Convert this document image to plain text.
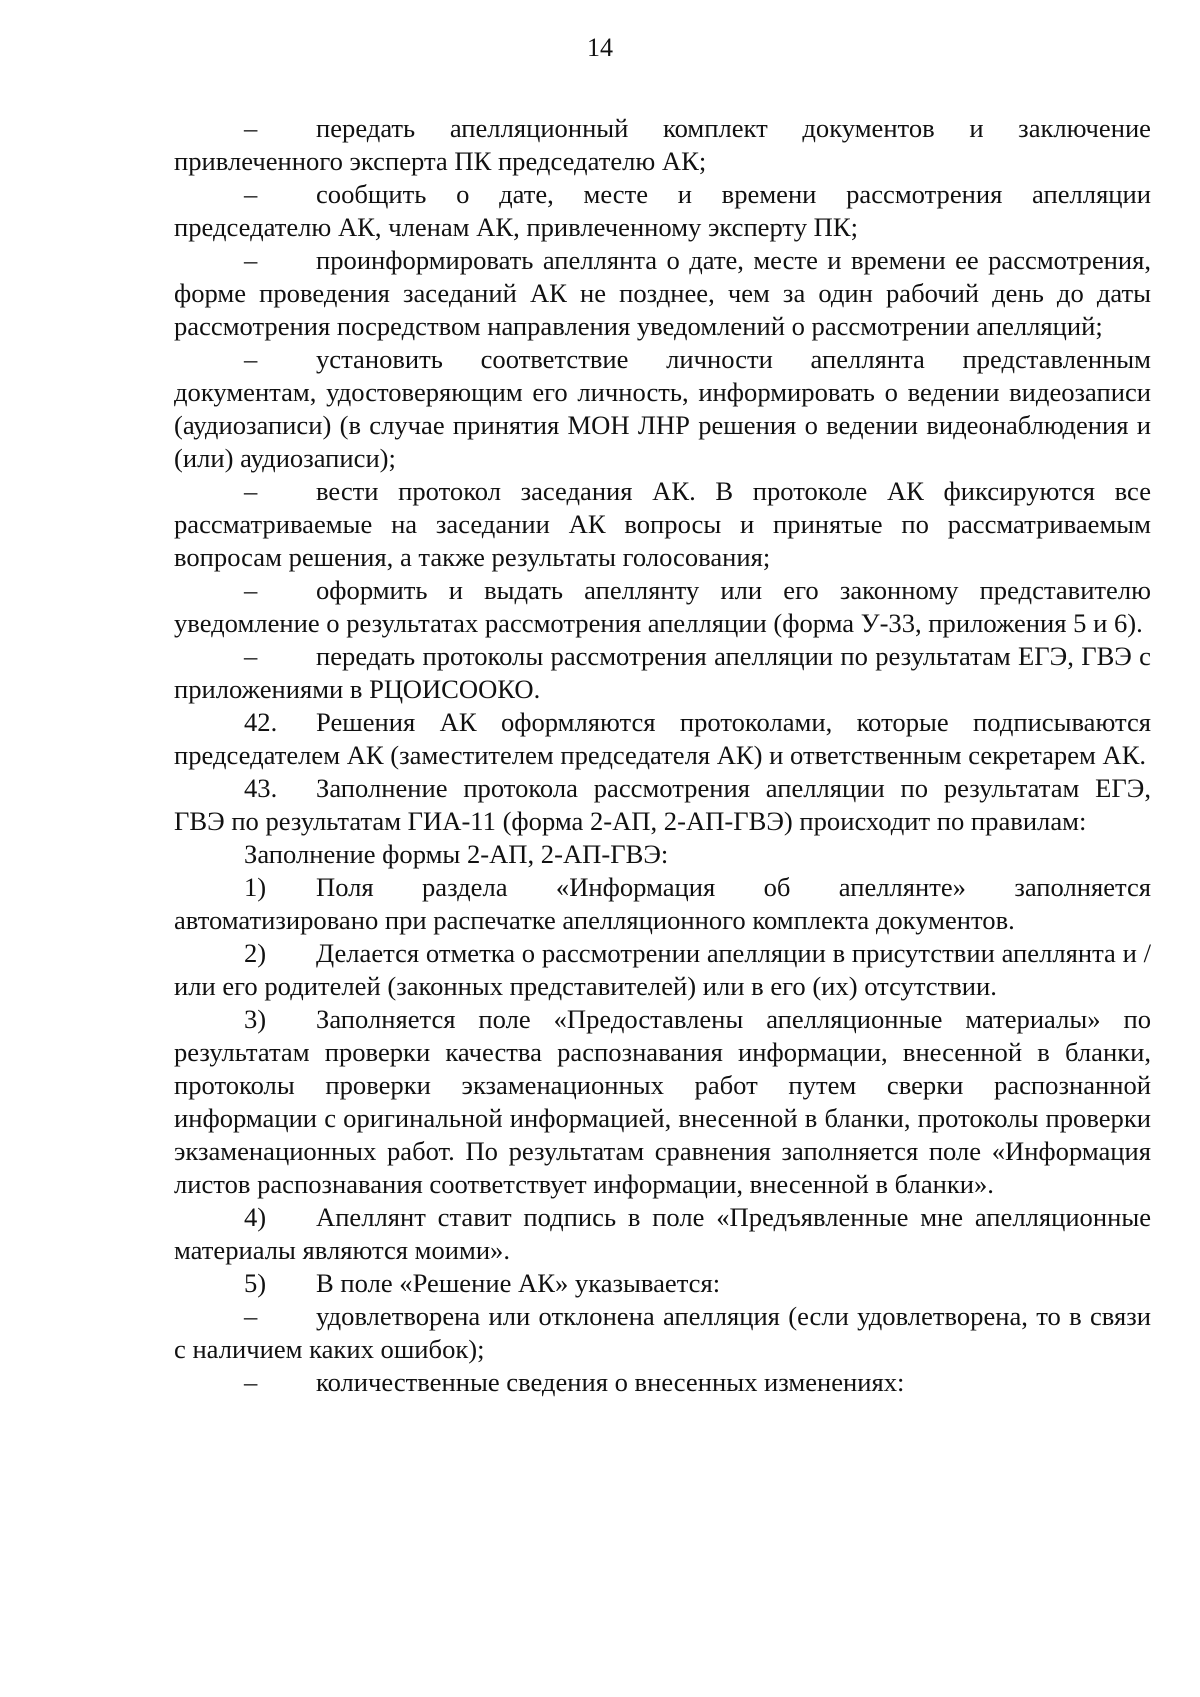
14

– передать апелляционный комплект документов и заключение привлеченного эксперта ПК председателю АК;

– сообщить о дате, месте и времени рассмотрения апелляции председателю АК, членам АК, привлеченному эксперту ПК;

– проинформировать апеллянта о дате, месте и времени ее рассмотрения, форме проведения заседаний АК не позднее, чем за один рабочий день до даты рассмотрения посредством направления уведомлений о рассмотрении апелляций;

– установить соответствие личности апеллянта представленным документам, удостоверяющим его личность, информировать о ведении видеозаписи (аудиозаписи) (в случае принятия МОН ЛНР решения о ведении видеонаблюдения и (или) аудиозаписи);

– вести протокол заседания АК. В протоколе АК фиксируются все рассматриваемые на заседании АК вопросы и принятые по рассматриваемым вопросам решения, а также результаты голосования;

– оформить и выдать апеллянту или его законному представителю уведомление о результатах рассмотрения апелляции (форма У-33, приложения 5 и 6).

– передать протоколы рассмотрения апелляции по результатам ЕГЭ, ГВЭ с приложениями в РЦОИСОOКО.

42. Решения АК оформляются протоколами, которые подписываются председателем АК (заместителем председателя АК) и ответственным секретарем АК.

43. Заполнение протокола рассмотрения апелляции по результатам ЕГЭ, ГВЭ по результатам ГИА-11 (форма 2-АП, 2-АП-ГВЭ) происходит по правилам:

Заполнение формы 2-АП, 2-АП-ГВЭ:

1) Поля раздела «Информация об апеллянте» заполняется автоматизировано при распечатке апелляционного комплекта документов.

2) Делается отметка о рассмотрении апелляции в присутствии апеллянта и /или его родителей (законных представителей) или в его (их) отсутствии.

3) Заполняется поле «Предоставлены апелляционные материалы» по результатам проверки качества распознавания информации, внесенной в бланки, протоколы проверки экзаменационных работ путем сверки распознанной информации с оригинальной информацией, внесенной в бланки, протоколы проверки экзаменационных работ. По результатам сравнения заполняется поле «Информация листов распознавания соответствует информации, внесенной в бланки».

4) Апеллянт ставит подпись в поле «Предъявленные мне апелляционные материалы являются моими».

5) В поле «Решение АК» указывается:

– удовлетворена или отклонена апелляция (если удовлетворена, то в связи с наличием каких ошибок);

– количественные сведения о внесенных изменениях:
